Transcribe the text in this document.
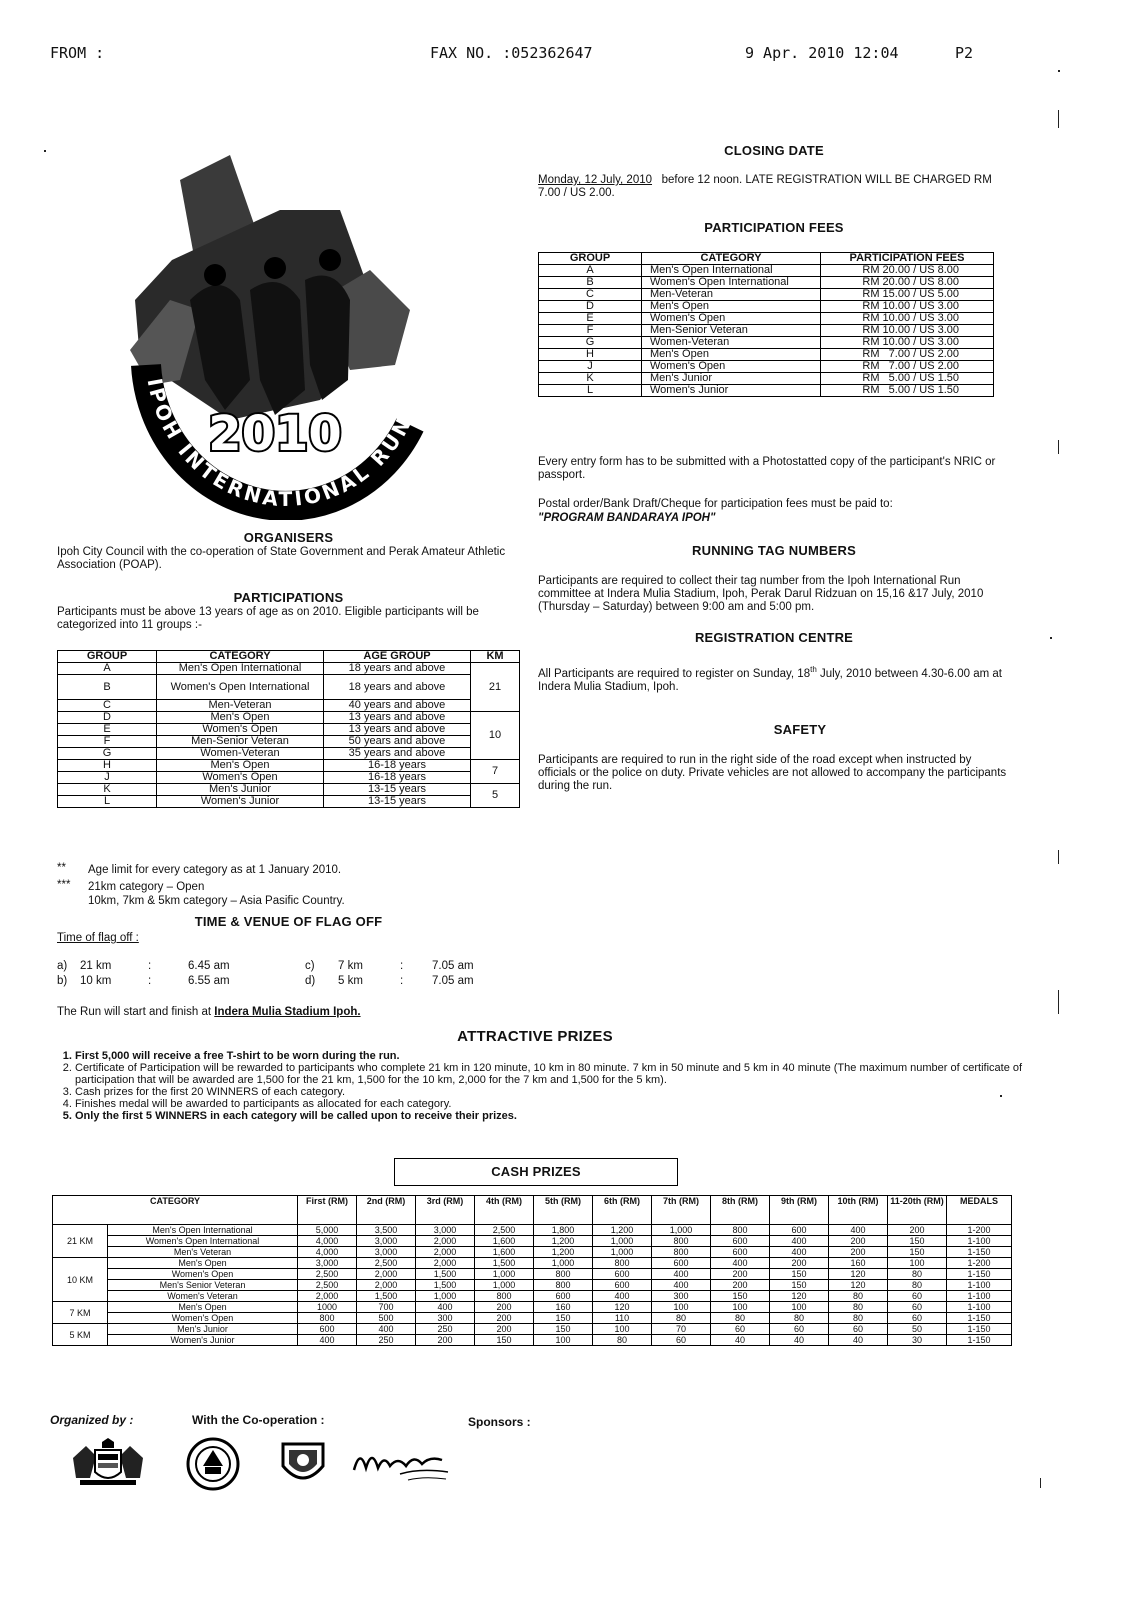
FROM :	FAX NO. :052362647	9 Apr. 2010 12:04	P2
IPOH INTERNATIONAL RUN
2010
ORGANISERS
Ipoh City Council with the co-operation of State Government and Perak Amateur Athletic Association (POAP).
PARTICIPATIONS
Participants must be above 13 years of age as on 2010. Eligible participants will be categorized into 11 groups :-
GROUP	CATEGORY	AGE GROUP	KM
A	Men's Open International	18 years and above	21
B	Women's Open International	18 years and above	
C	Men-Veteran	40 years and above	
D	Men's Open	13 years and above	10
E	Women's Open	13 years and above	
F	Men-Senior Veteran	50 years and above	
G	Women-Veteran	35 years and above	
H	Men's Open	16-18 years	7
J	Women's Open	16-18 years	
K	Men's Junior	13-15 years	5
L	Women's Junior	13-15 years	
**	Age limit for every category as at 1 January 2010.
***	21km category – Open
10km, 7km & 5km category – Asia Pasific Country.
TIME & VENUE OF FLAG OFF
Time of flag off :
a) 21 km	:	6.45 am
b) 10 km	:	6.55 am
c) 7 km	:	7.05 am
d) 5 km	:	7.05 am
The Run will start and finish at Indera Mulia Stadium Ipoh.
CLOSING DATE
Monday, 12 July, 2010 before 12 noon. LATE REGISTRATION WILL BE CHARGED RM 7.00 / US 2.00.
PARTICIPATION FEES
GROUP	CATEGORY	PARTICIPATION FEES
A	Men's Open International	RM 20.00 / US 8.00
B	Women's Open International	RM 20.00 / US 8.00
C	Men-Veteran	RM 15.00 / US 5.00
D	Men's Open	RM 10.00 / US 3.00
E	Women's Open	RM 10.00 / US 3.00
F	Men-Senior Veteran	RM 10.00 / US 3.00
G	Women-Veteran	RM 10.00 / US 3.00
H	Men's Open	RM   7.00 / US 2.00
J	Women's Open	RM   7.00 / US 2.00
K	Men's Junior	RM   5.00 / US 1.50
L	Women's Junior	RM   5.00 / US 1.50
Every entry form has to be submitted with a Photostatted copy of the participant's NRIC or passport.
Postal order/Bank Draft/Cheque for participation fees must be paid to:
"PROGRAM BANDARAYA IPOH"
RUNNING TAG NUMBERS
Participants are required to collect their tag number from the Ipoh International Run committee at Indera Mulia Stadium, Ipoh, Perak Darul Ridzuan on 15,16 &17 July, 2010 (Thursday – Saturday) between 9:00 am and 5:00 pm.
REGISTRATION CENTRE
All Participants are required to register on Sunday, 18th July, 2010 between 4.30-6.00 am at Indera Mulia Stadium, Ipoh.
SAFETY
Participants are required to run in the right side of the road except when instructed by officials or the police on duty. Private vehicles are not allowed to accompany the participants during the run.
ATTRACTIVE PRIZES
1. First 5,000 will receive a free T-shirt to be worn during the run.
2. Certificate of Participation will be rewarded to participants who complete 21 km in 120 minute, 10 km in 80 minute. 7 km in 50 minute and 5 km in 40 minute (The maximum number of certificate of participation that will be awarded are 1,500 for the 21 km, 1,500 for the 10 km, 2,000 for the 7 km and 1,500 for the 5 km).
3. Cash prizes for the first 20 WINNERS of each category.
4. Finishes medal will be awarded to participants as allocated for each category.
5. Only the first 5 WINNERS in each category will be called upon to receive their prizes.
CASH PRIZES
CATEGORY		First (RM)	2nd (RM)	3rd (RM)	4th (RM)	5th (RM)	6th (RM)	7th (RM)	8th (RM)	9th (RM)	10th (RM)	11-20th (RM)	MEDALS
21 KM	Men's Open International	5,000	3,500	3,000	2,500	1,800	1,200	1,000	800	600	400	200	1-200
	Women's Open International	4,000	3,000	2,000	1,600	1,200	1,000	800	600	400	200	150	1-100
	Men's Veteran	4,000	3,000	2,000	1,600	1,200	1,000	800	600	400	200	150	1-150
10 KM	Men's Open	3,000	2,500	2,000	1,500	1,000	800	600	400	200	160	100	1-200
	Women's Open	2,500	2,000	1,500	1,000	800	600	400	200	150	120	80	1-150
	Men's Senior Veteran	2,500	2,000	1,500	1,000	800	600	400	200	150	120	80	1-100
	Women's Veteran	2,000	1,500	1,000	800	600	400	300	150	120	80	60	1-100
7 KM	Men's Open	1000	700	400	200	160	120	100	100	100	80	60	1-100
	Women's Open	800	500	300	200	150	110	80	80	80	80	60	1-150
5 KM	Men's Junior	600	400	250	200	150	100	70	60	60	60	50	1-150
	Women's Junior	400	250	200	150	100	80	60	40	40	40	30	1-150
Organized by :	With the Co-operation :	Sponsors :
